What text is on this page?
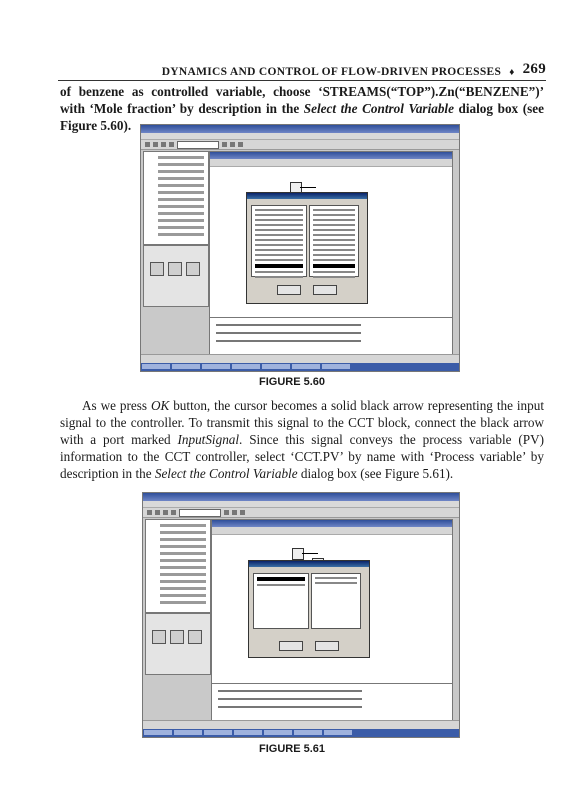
DYNAMICS AND CONTROL OF FLOW-DRIVEN PROCESSES ♦ 269
of benzene as controlled variable, choose ‘STREAMS(“TOP”).Zn(“BENZENE”)’ with ‘Mole fraction’ by description in the Select the Control Variable dialog box (see Figure 5.60).
FIGURE 5.60
As we press OK button, the cursor becomes a solid black arrow representing the input signal to the controller. To transmit this signal to the CCT block, connect the black arrow with a port marked InputSignal. Since this signal conveys the process variable (PV) information to the CCT controller, select ‘CCT.PV’ by name with ‘Process variable’ by description in the Select the Control Variable dialog box (see Figure 5.61).
FIGURE 5.61
